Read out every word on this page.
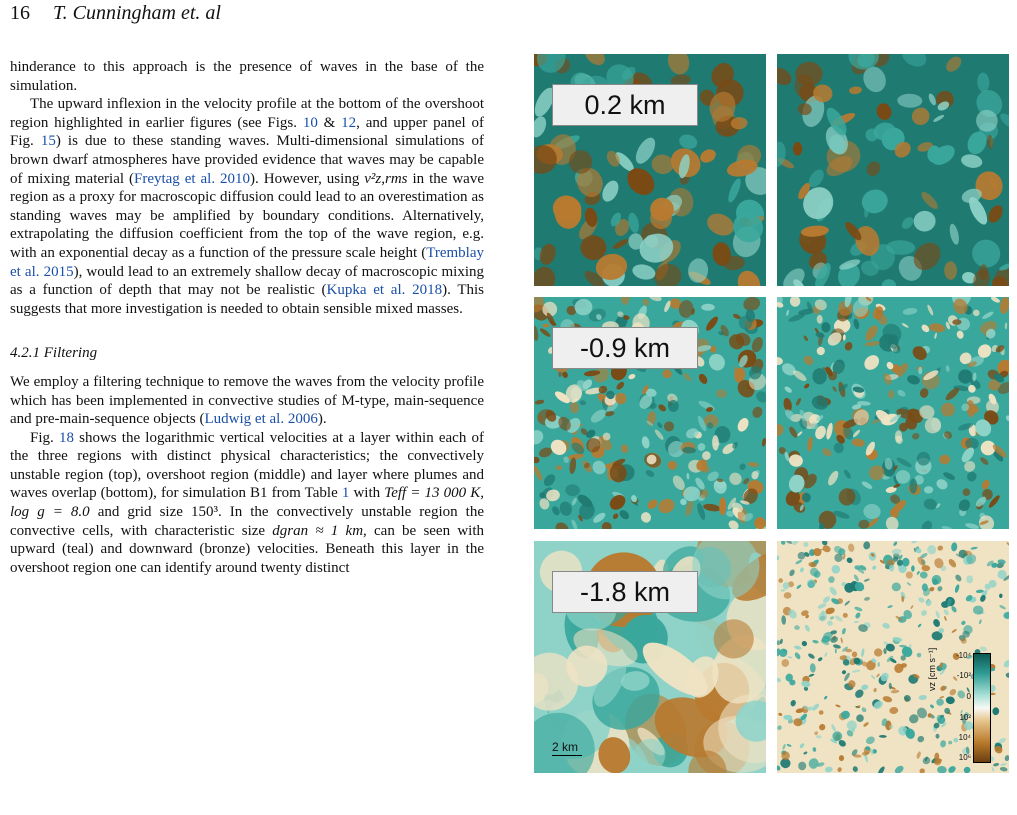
16 T. Cunningham et. al

hinderance to this approach is the presence of waves in the base of the simulation.

The upward inflexion in the velocity profile at the bottom of the overshoot region highlighted in earlier figures (see Figs. 10 & 12, and upper panel of Fig. 15) is due to these standing waves. Multi-dimensional simulations of brown dwarf atmospheres have provided evidence that waves may be capable of mixing material (Freytag et al. 2010). However, using v²z,rms in the wave region as a proxy for macroscopic diffusion could lead to an overestimation as standing waves may be amplified by boundary conditions. Alternatively, extrapolating the diffusion coefficient from the top of the wave region, e.g. with an exponential decay as a function of the pressure scale height (Tremblay et al. 2015), would lead to an extremely shallow decay of macroscopic mixing as a function of depth that may not be realistic (Kupka et al. 2018). This suggests that more investigation is needed to obtain sensible mixed masses.

4.2.1 Filtering

We employ a filtering technique to remove the waves from the velocity profile which has been implemented in convective studies of M-type, main-sequence and pre-main-sequence objects (Ludwig et al. 2006).

Fig. 18 shows the logarithmic vertical velocities at a layer within each of the three regions with distinct physical characteristics; the convectively unstable region (top), overshoot region (middle) and layer where plumes and waves overlap (bottom), for simulation B1 from Table 1 with Teff = 13 000 K, log g = 8.0 and grid size 150³. In the convectively unstable region the convective cells, with characteristic size dgran ≈ 1 km, can be seen with upward (teal) and downward (bronze) velocities. Beneath this layer in the overshoot region one can identify around twenty distinct

0.2 km
-0.9 km
-1.8 km
2 km
vz [cm s⁻¹] -10⁴
-10²
0
10²
10⁴
10⁶
